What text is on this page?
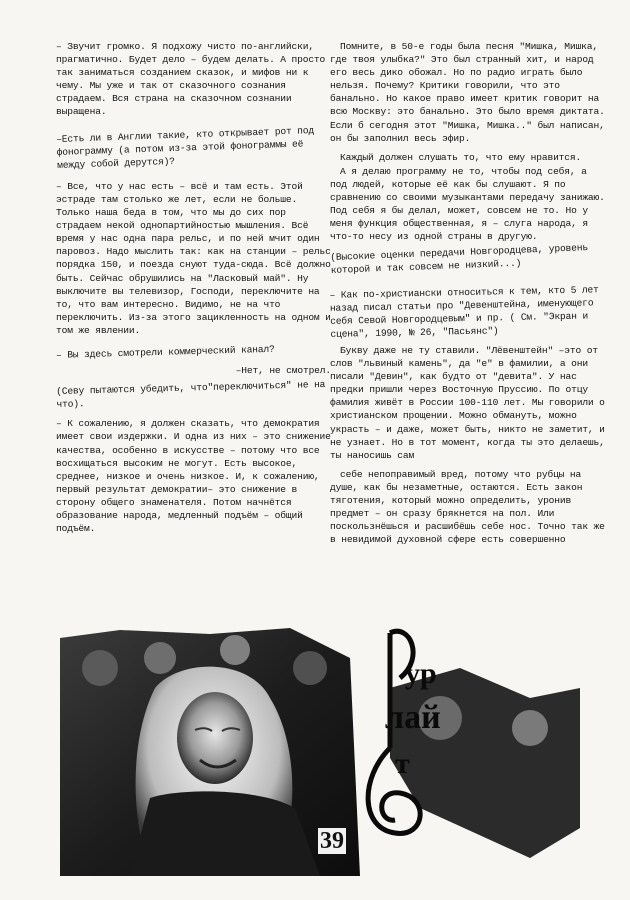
– Звучит громко. Я подхожу чисто по-английски, прагматично. Будет дело – будем делать. А просто так заниматься созданием сказок, и мифов ни к чему. Мы уже и так от сказочного сознания страдаем. Вся страна на сказочном сознании выращена.

–Есть ли в Англии такие, кто открывает рот под фонограмму (а потом из-за этой фонограммы её между собой дерутся)?

– Все, что у нас есть – всё и там есть. Этой эстраде там столько же лет, если не больше. Только наша беда в том, что мы до сих пор страдаем некой однопартийностью мышления. Всё время у нас одна пара рельс, и по ней мчит один паровоз. Надо мыслить так: как на станции – рельс порядка 150, и поезда снуют туда-сюда. Всё должно быть. Сейчас обрушились на "Ласковый май". Ну выключите вы телевизор, Господи, переключите на то, что вам интересно. Видимо, не на что переключить. Из-за этого зацикленность на одном и том же явлении.

– Вы здесь смотрели коммерческий канал?

–Нет, не смотрел.

(Севу пытаются убедить, что"переключиться" не на что).

– К сожалению, я должен сказать, что демократия имеет свои издержки. И одна из них – это снижение качества, особенно в искусстве – потому что все восхищаться высоким не могут. Есть высокое, среднее, низкое и очень низкое. И, к сожалению, первый результат демократии– это снижение в сторону общего знаменателя. Потом начнётся образование народа, медленный подъём – общий подъём.

Помните, в 50-е годы была песня "Мишка, Мишка, где твоя улыбка?" Это был странный хит, и народ его весь дико обожал. Но по радио играть было нельзя. Почему? Критики говорили, что это банально. Но какое право имеет критик говорит на всю Москву: это банально. Это было время диктата. Если б сегодня этот "Мишка, Мишка.." был написан, он бы заполнил весь эфир.

Каждый должен слушать то, что ему нравится.

А я делаю программу не то, чтобы под себя, а под людей, которые её как бы слушают. Я по сравнению со своими музыкантами передачу занижаю. Под себя я бы делал, может, совсем не то. Но у меня функция общественная, я – слуга народа, я что-то несу из одной страны в другую.

(Высокие оценки передачи Новгородцева, уровень которой и так совсем не низкий...)

– Как по-христиански относиться к тем, кто 5 лет назад писал статьи про "Девенштейна, именующего себя Севой Новгородцевым" и пр. ( См. "Экран и сцена", 1990, № 26, "Пасьянс")

Букву даже не ту ставили. "Лёвенштейн" –это от слов "львиный камень", да "е" в фамилии, а они писали "Девин", как будто от "девита". У нас предки пришли через Восточную Пруссию. По отцу фамилия живёт в России 100-110 лет. Мы говорили о христианском прощении. Можно обмануть, можно украсть – и даже, может быть, никто не заметит, и не узнает. Но в тот момент, когда ты это делаешь, ты наносишь сам

себе непоправимый вред, потому что рубцы на душе, как бы незаметные, остаются. Есть закон тяготения, который можно определить, уронив предмет – он сразу брякнется на пол. Или поскользнёшься и расшибёшь себе нос. Точно так же в невидимой духовной сфере есть совершенно

ур
лай
т
39
